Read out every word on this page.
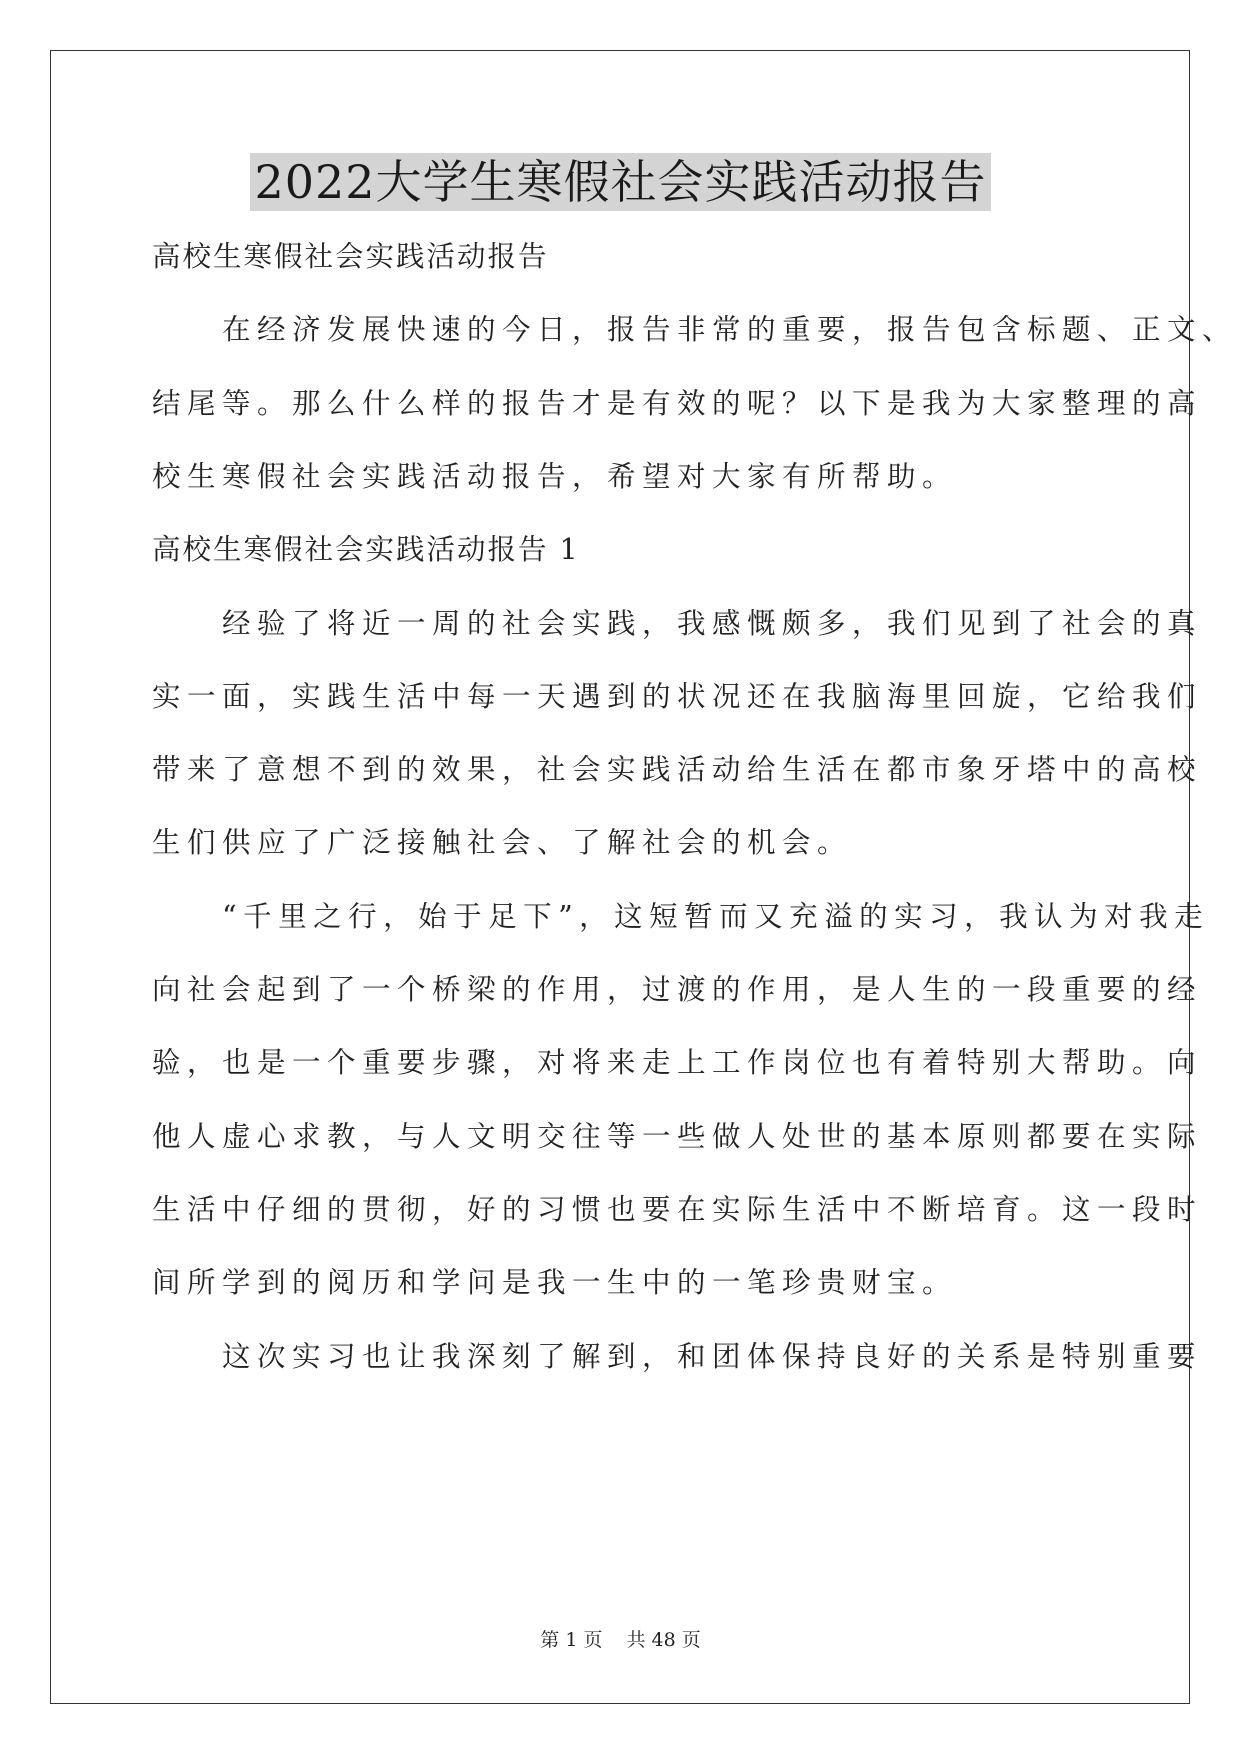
2022大学生寒假社会实践活动报告
高校生寒假社会实践活动报告
　　在经济发展快速的今日，报告非常的重要，报告包含标题、正文、
结尾等。那么什么样的报告才是有效的呢？以下是我为大家整理的高
校生寒假社会实践活动报告，希望对大家有所帮助。
高校生寒假社会实践活动报告 1
　　经验了将近一周的社会实践，我感慨颇多，我们见到了社会的真
实一面，实践生活中每一天遇到的状况还在我脑海里回旋，它给我们
带来了意想不到的效果，社会实践活动给生活在都市象牙塔中的高校
生们供应了广泛接触社会、了解社会的机会。
　　“千里之行，始于足下”，这短暂而又充溢的实习，我认为对我走
向社会起到了一个桥梁的作用，过渡的作用，是人生的一段重要的经
验，也是一个重要步骤，对将来走上工作岗位也有着特别大帮助。向
他人虚心求教，与人文明交往等一些做人处世的基本原则都要在实际
生活中仔细的贯彻，好的习惯也要在实际生活中不断培育。这一段时
间所学到的阅历和学问是我一生中的一笔珍贵财宝。
　　这次实习也让我深刻了解到，和团体保持良好的关系是特别重要
第 1 页 共 48 页
